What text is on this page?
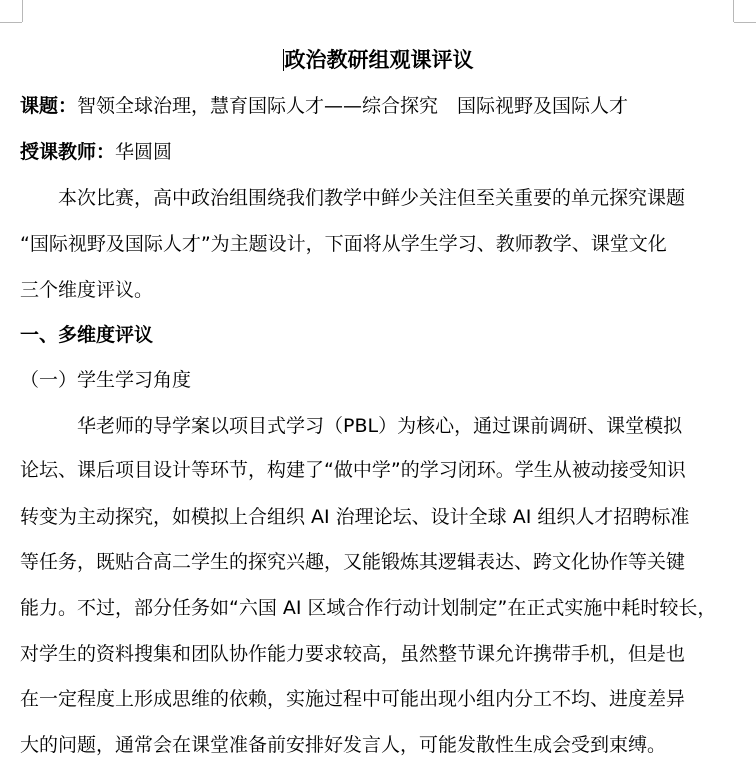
政治教研组观课评议
课题：智领全球治理，慧育国际人才——综合探究　国际视野及国际人才
授课教师：华圆圆
　　本次比赛，高中政治组围绕我们教学中鲜少关注但至关重要的单元探究课题
“国际视野及国际人才”为主题设计，下面将从学生学习、教师教学、课堂文化
三个维度评议。
一、多维度评议
（一）学生学习角度
　　　华老师的导学案以项目式学习（PBL）为核心，通过课前调研、课堂模拟
论坛、课后项目设计等环节，构建了“做中学”的学习闭环。学生从被动接受知识
转变为主动探究，如模拟上合组织 AI 治理论坛、设计全球 AI 组织人才招聘标准
等任务，既贴合高二学生的探究兴趣，又能锻炼其逻辑表达、跨文化协作等关键
能力。不过，部分任务如“六国 AI 区域合作行动计划制定”在正式实施中耗时较长，
对学生的资料搜集和团队协作能力要求较高，虽然整节课允许携带手机，但是也
在一定程度上形成思维的依赖，实施过程中可能出现小组内分工不均、进度差异
大的问题，通常会在课堂准备前安排好发言人，可能发散性生成会受到束缚。
